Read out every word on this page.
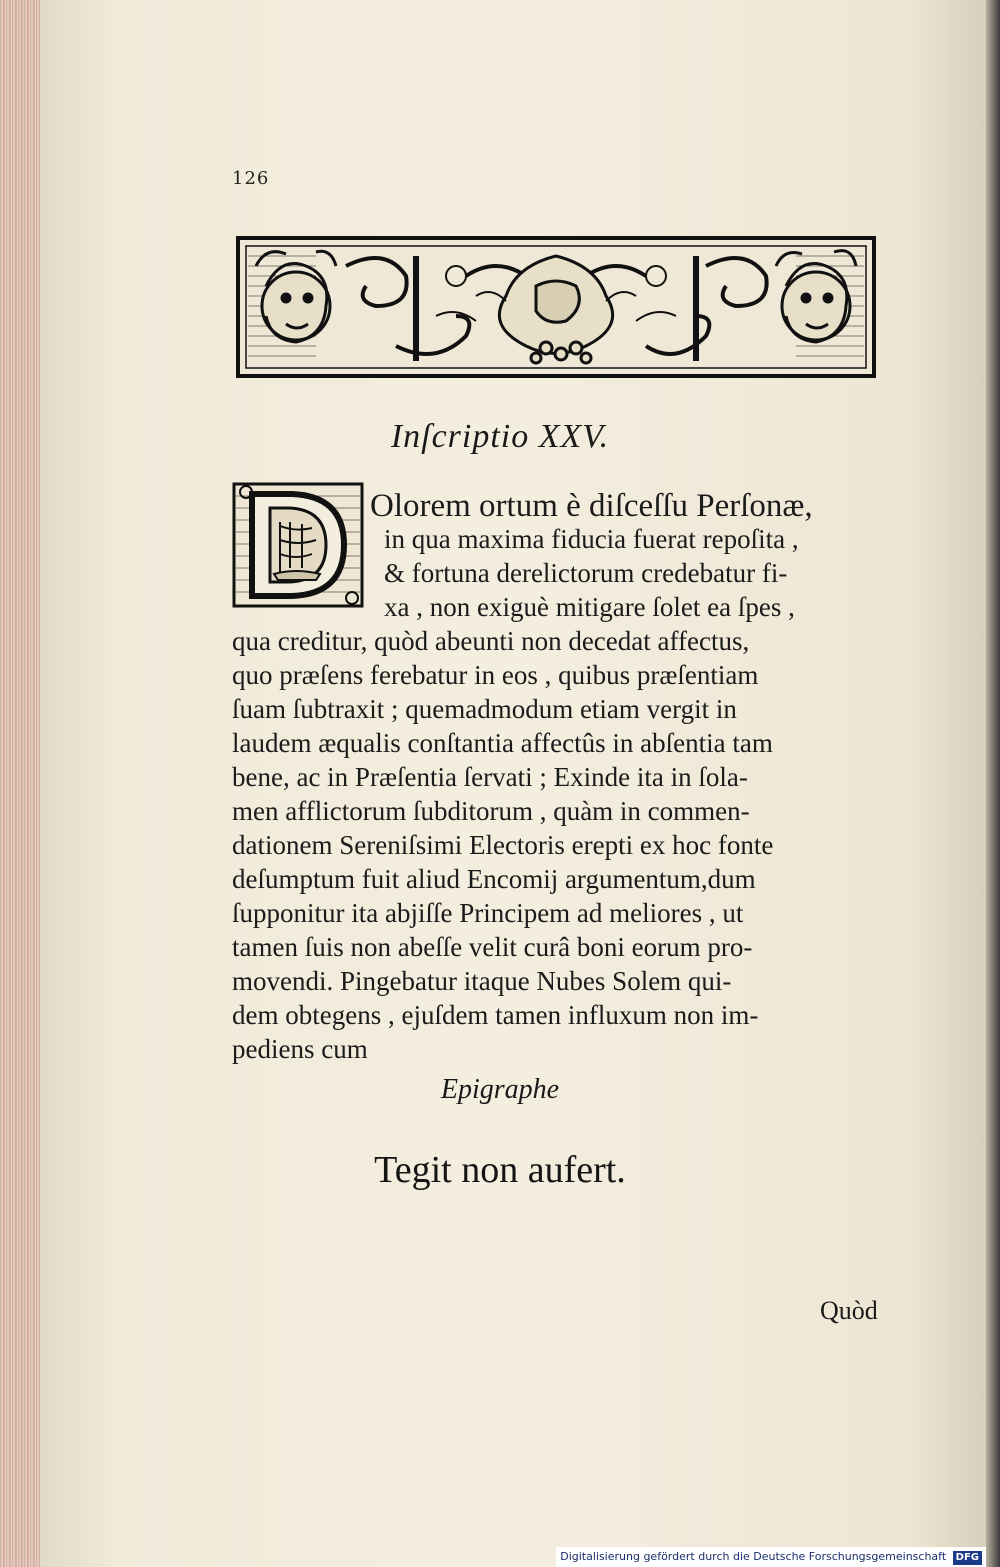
126
Inſcriptio XXV.
Olorem ortum è diſceſſu Perſonæ,
in qua maxima fiducia fuerat repoſita ,
& fortuna derelictorum credebatur fi-
xa , non exiguè mitigare ſolet ea ſpes ,
qua creditur, quòd abeunti non decedat affectus,
quo præſens ferebatur in eos , quibus præſentiam
ſuam ſubtraxit ; quemadmodum etiam vergit in
laudem æqualis conſtantia affectûs in abſentia tam
bene, ac in Præſentia ſervati ; Exinde ita in ſola-
men afflictorum ſubditorum , quàm in commen-
dationem Sereniſsimi Electoris erepti ex hoc fonte
deſumptum fuit aliud Encomij argumentum,dum
ſupponitur ita abjiſſe Principem ad meliores , ut
tamen ſuis non abeſſe velit curâ boni eorum pro-
movendi. Pingebatur itaque Nubes Solem qui-
dem obtegens , ejuſdem tamen influxum non im-
pediens cum
Epigraphe
Tegit non aufert.
Quòd
Digitalisierung gefördert durch die Deutsche Forschungsgemeinschaft DFG
